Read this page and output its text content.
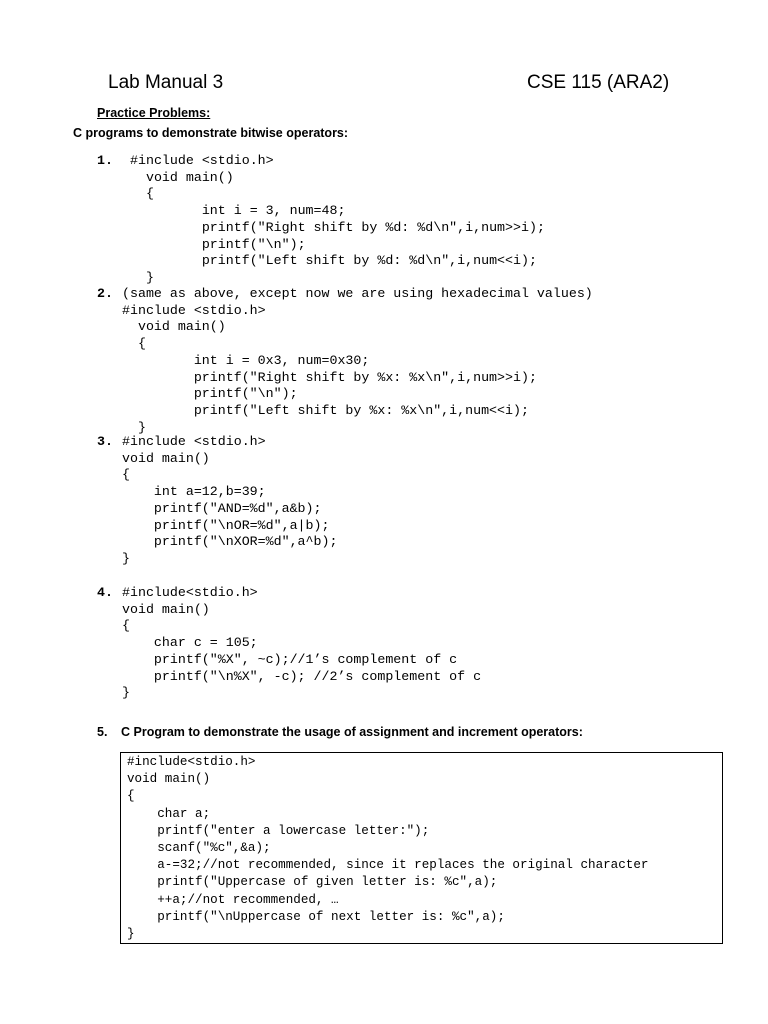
Lab Manual 3	CSE 115 (ARA2)
Practice Problems:
C programs to demonstrate bitwise operators:
1. #include <stdio.h>
void main()
{
int i = 3, num=48;
printf("Right shift by %d: %d\n",i,num>>i);
printf("\n");
printf("Left shift by %d: %d\n",i,num<<i);
}
2. (same as above, except now we are using hexadecimal values)
#include <stdio.h>
void main()
{
int i = 0x3, num=0x30;
printf("Right shift by %x: %x\n",i,num>>i);
printf("\n");
printf("Left shift by %x: %x\n",i,num<<i);
}
3. #include <stdio.h>
void main()
{
int a=12,b=39;
printf("AND=%d",a&b);
printf("\nOR=%d",a|b);
printf("\nXOR=%d",a^b);
}
4. #include<stdio.h>
void main()
{
char c = 105;
printf("%X", ~c);//1’s complement of c
printf("\n%X", -c); //2’s complement of c
}
5. C Program to demonstrate the usage of assignment and increment operators:
#include<stdio.h>
void main()
{
char a;
printf("enter a lowercase letter:");
scanf("%c",&a);
a-=32;//not recommended, since it replaces the original character
printf("Uppercase of given letter is: %c",a);
++a;//not recommended, …
printf("\nUppercase of next letter is: %c",a);
}
